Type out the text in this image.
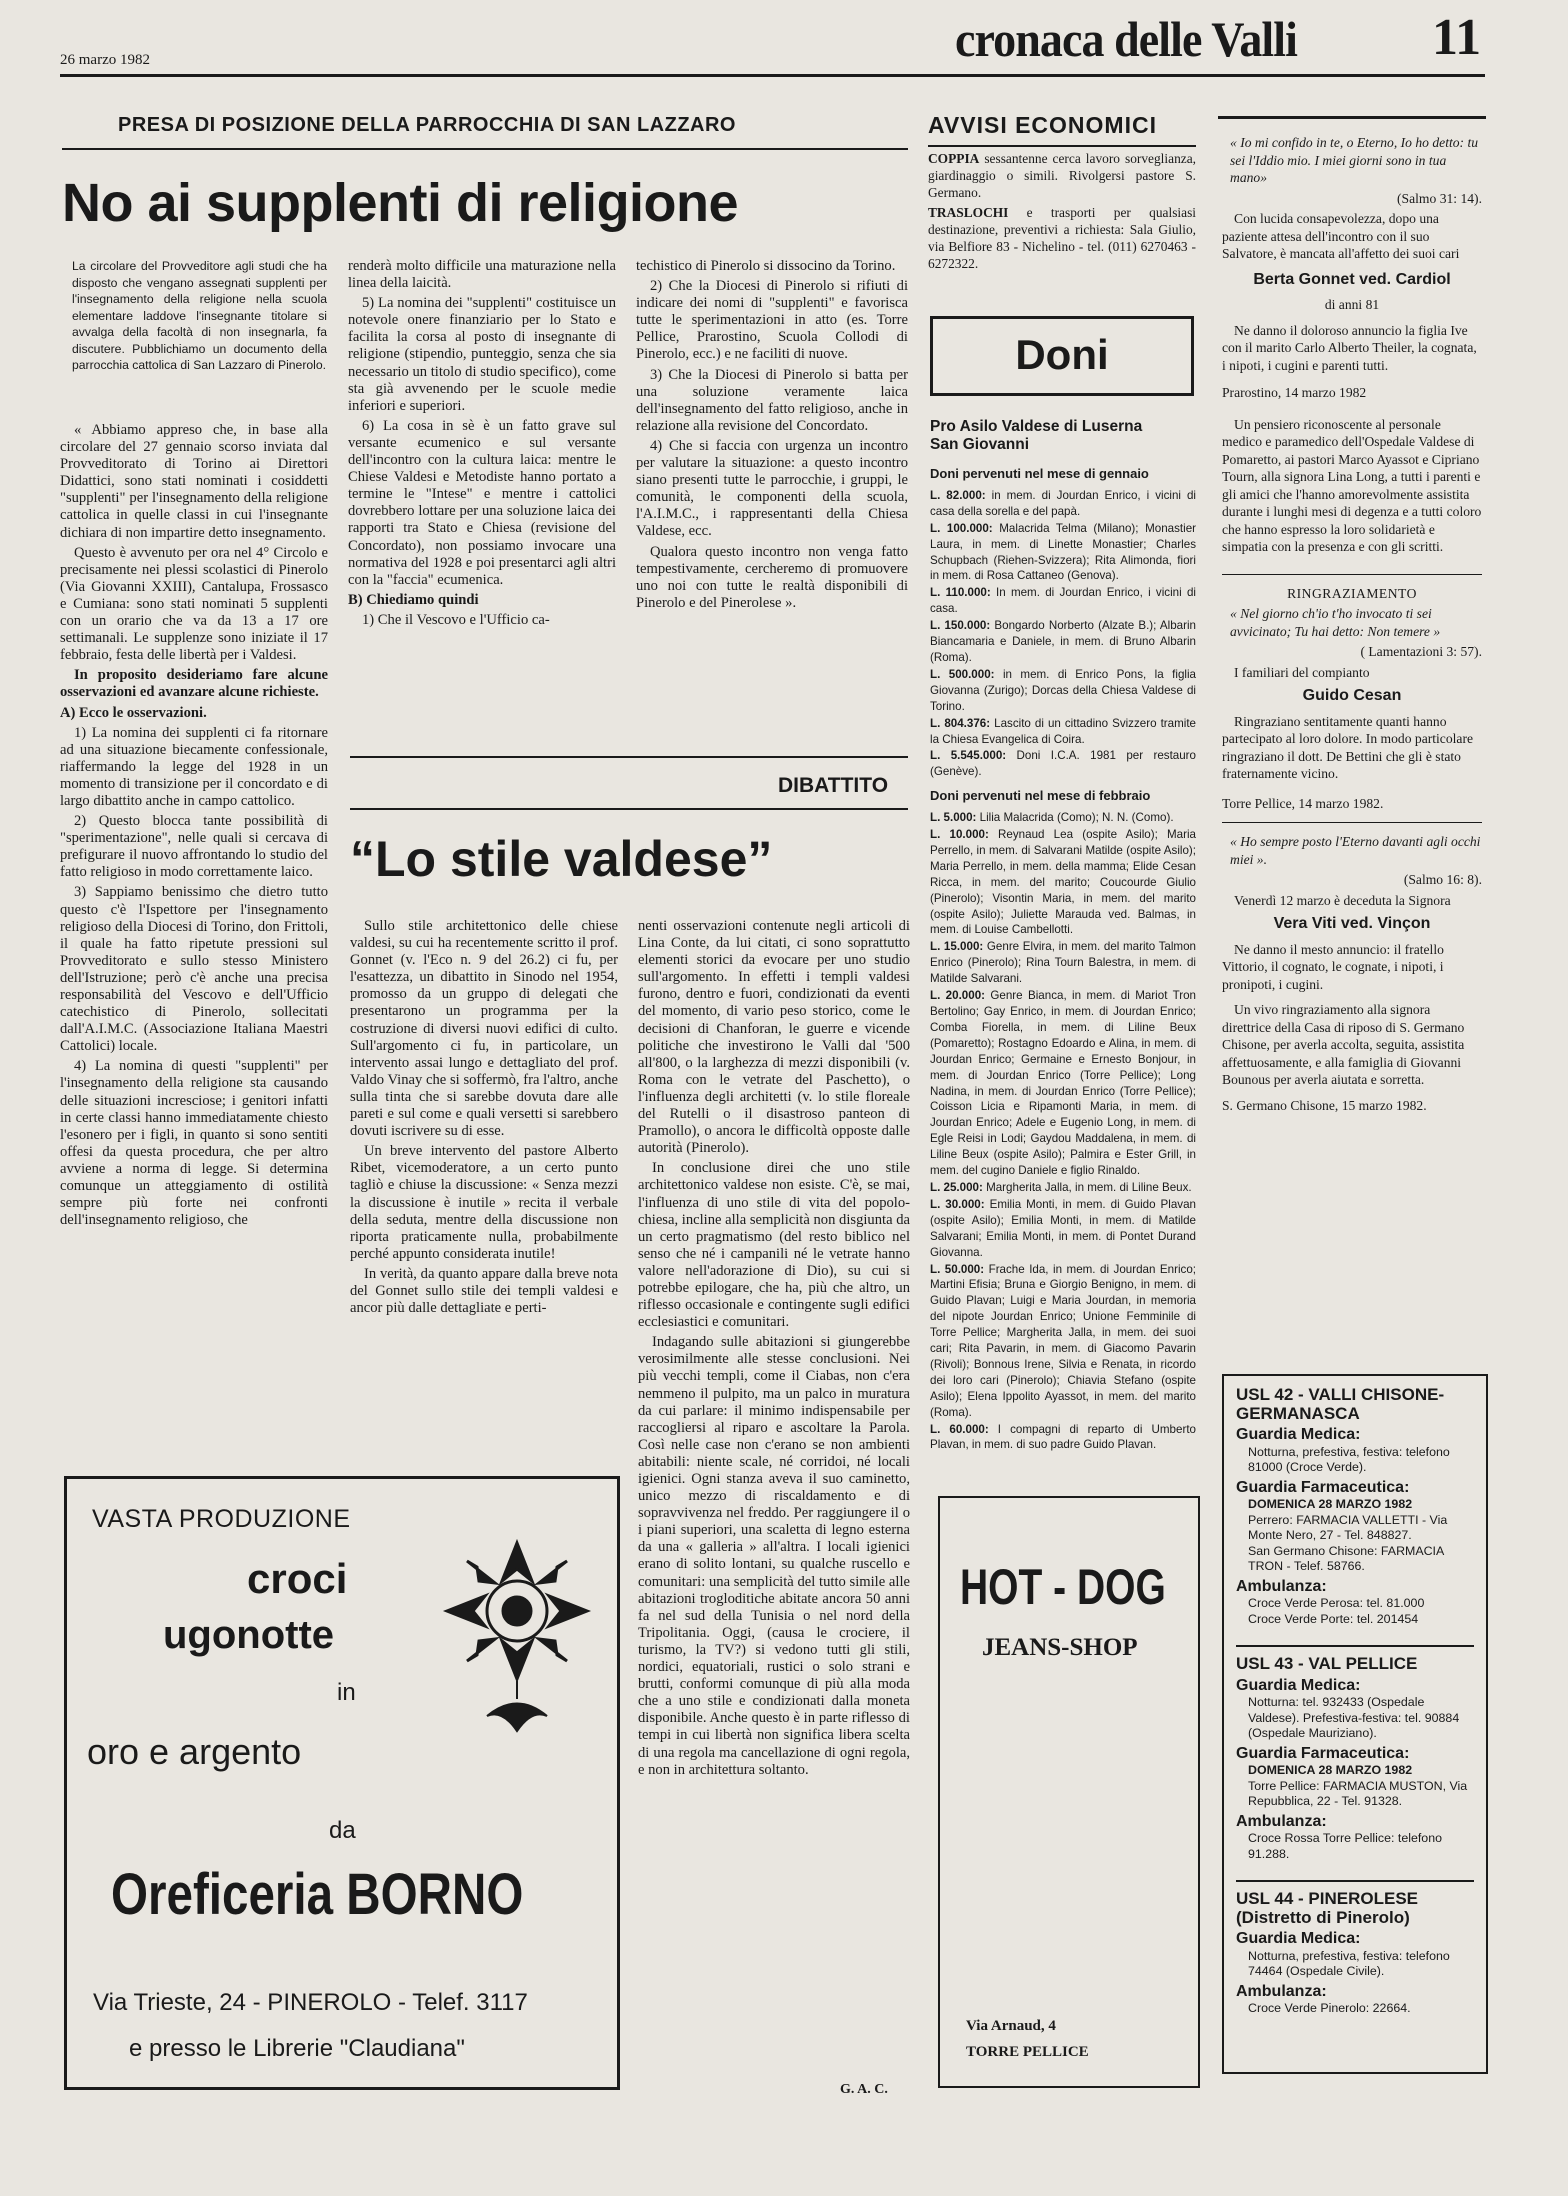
26 marzo 1982	cronaca delle Valli	11
PRESA DI POSIZIONE DELLA PARROCCHIA DI SAN LAZZARO
No ai supplenti di religione
La circolare del Provveditore agli studi che ha disposto che vengano assegnati supplenti per l'insegnamento della religione nella scuola elementare laddove l'insegnante titolare si avvalga della facoltà di non insegnarla, fa discutere. Pubblichiamo un documento della parrocchia cattolica di San Lazzaro di Pinerolo.

« Abbiamo appreso che, in base alla circolare del 27 gennaio scorso inviata dal Provveditorato di Torino ai Direttori Didattici, sono stati nominati i cosiddetti "supplenti" per l'insegnamento della religione cattolica in quelle classi in cui l'insegnante dichiara di non impartire detto insegnamento.

Questo è avvenuto per ora nel 4° Circolo e precisamente nei plessi scolastici di Pinerolo (Via Giovanni XXIII), Cantalupa, Frossasco e Cumiana: sono stati nominati 5 supplenti con un orario che va da 13 a 17 ore settimanali. Le supplenze sono iniziate il 17 febbraio, festa delle libertà per i Valdesi.

In proposito desideriamo fare alcune osservazioni ed avanzare alcune richieste.

A) Ecco le osservazioni.

1) La nomina dei supplenti ci fa ritornare ad una situazione biecamente confessionale, riaffermando la legge del 1928 in un momento di transizione per il concordato e di largo dibattito anche in campo cattolico.

2) Questo blocca tante possibilità di "sperimentazione", nelle quali si cercava di prefigurare il nuovo affrontando lo studio del fatto religioso in modo correttamente laico.

3) Sappiamo benissimo che dietro tutto questo c'è l'Ispettore per l'insegnamento religioso della Diocesi di Torino, don Frittoli, il quale ha fatto ripetute pressioni sul Provveditorato e sullo stesso Ministero dell'Istruzione; però c'è anche una precisa responsabilità del Vescovo e dell'Ufficio catechistico di Pinerolo, sollecitati dall'A.I.M.C. (Associazione Italiana Maestri Cattolici) locale.

4) La nomina di questi "supplenti" per l'insegnamento della religione sta causando delle situazioni incresciose; i genitori infatti in certe classi hanno immediatamente chiesto l'esonero per i figli, in quanto si sono sentiti offesi da questa procedura, che per altro avviene a norma di legge. Si determina comunque un atteggiamento di ostilità sempre più forte nei confronti dell'insegnamento religioso, che

renderà molto difficile una maturazione nella linea della laicità.

5) La nomina dei "supplenti" costituisce un notevole onere finanziario per lo Stato e facilita la corsa al posto di insegnante di religione (stipendio, punteggio, senza che sia necessario un titolo di studio specifico), come sta già avvenendo per le scuole medie inferiori e superiori.

6) La cosa in sè è un fatto grave sul versante ecumenico e sul versante dell'incontro con la cultura laica: mentre le Chiese Valdesi e Metodiste hanno portato a termine le "Intese" e mentre i cattolici dovrebbero lottare per una soluzione laica dei rapporti tra Stato e Chiesa (revisione del Concordato), non possiamo invocare una normativa del 1928 e poi presentarci agli altri con la "faccia" ecumenica.

B) Chiediamo quindi

1) Che il Vescovo e l'Ufficio ca-

techistico di Pinerolo si dissocino da Torino.

2) Che la Diocesi di Pinerolo si rifiuti di indicare dei nomi di "supplenti" e favorisca tutte le sperimentazioni in atto (es. Torre Pellice, Prarostino, Scuola Collodi di Pinerolo, ecc.) e ne faciliti di nuove.

3) Che la Diocesi di Pinerolo si batta per una soluzione veramente laica dell'insegnamento del fatto religioso, anche in relazione alla revisione del Concordato.

4) Che si faccia con urgenza un incontro per valutare la situazione: a questo incontro siano presenti tutte le parrocchie, i gruppi, le comunità, le componenti della scuola, l'A.I.M.C., i rappresentanti della Chiesa Valdese, ecc.

Qualora questo incontro non venga fatto tempestivamente, cercheremo di promuovere uno noi con tutte le realtà disponibili di Pinerolo e del Pinerolese ».

DIBATTITO
“Lo stile valdese”

Sullo stile architettonico delle chiese valdesi, su cui ha recentemente scritto il prof. Gonnet (v. l'Eco n. 9 del 26.2) ci fu, per l'esattezza, un dibattito in Sinodo nel 1954, promosso da un gruppo di delegati che presentarono un programma per la costruzione di diversi nuovi edifici di culto. Sull'argomento ci fu, in particolare, un intervento assai lungo e dettagliato del prof. Valdo Vinay che si soffermò, fra l'altro, anche sulla tinta che si sarebbe dovuta dare alle pareti e sul come e quali versetti si sarebbero dovuti iscrivere su di esse.

Un breve intervento del pastore Alberto Ribet, vicemoderatore, a un certo punto tagliò e chiuse la discussione: « Senza mezzi la discussione è inutile » recita il verbale della seduta, mentre della discussione non riporta praticamente nulla, probabilmente perché appunto considerata inutile!

In verità, da quanto appare dalla breve nota del Gonnet sullo stile dei templi valdesi e ancor più dalle dettagliate e perti-

nenti osservazioni contenute negli articoli di Lina Conte, da lui citati, ci sono soprattutto elementi storici da evocare per uno studio sull'argomento. In effetti i templi valdesi furono, dentro e fuori, condizionati da eventi del momento, di vario peso storico, come le decisioni di Chanforan, le guerre e vicende politiche che investirono le Valli dal '500 all'800, o la larghezza di mezzi disponibili (v. Roma con le vetrate del Paschetto), o l'influenza degli architetti (v. lo stile floreale del Rutelli o il disastroso panteon di Pramollo), o ancora le difficoltà opposte dalle autorità (Pinerolo).

In conclusione direi che uno stile architettonico valdese non esiste. C'è, se mai, l'influenza di uno stile di vita del popolo-chiesa, incline alla semplicità non disgiunta da un certo pragmatismo (del resto biblico nel senso che né i campanili né le vetrate hanno valore nell'adorazione di Dio), su cui si potrebbe epilogare, che ha, più che altro, un riflesso occasionale e contingente sugli edifici ecclesiastici e comunitari.

Indagando sulle abitazioni si giungerebbe verosimilmente alle stesse conclusioni. Nei più vecchi templi, come il Ciabas, non c'era nemmeno il pulpito, ma un palco in muratura da cui parlare: il minimo indispensabile per raccogliersi al riparo e ascoltare la Parola. Così nelle case non c'erano se non ambienti abitabili: niente scale, né corridoi, né locali igienici. Ogni stanza aveva il suo caminetto, unico mezzo di riscaldamento e di sopravvivenza nel freddo. Per raggiungere il o i piani superiori, una scaletta di legno esterna da una « galleria » all'altra. I locali igienici erano di solito lontani, su qualche ruscello e comunitari: una semplicità del tutto simile alle abitazioni trogloditiche abitate ancora 50 anni fa nel sud della Tunisia o nel nord della Tripolitania. Oggi, (causa le crociere, il turismo, la TV?) si vedono tutti gli stili, nordici, equatoriali, rustici o solo strani e brutti, conformi comunque di più alla moda che a uno stile e condizionati dalla moneta disponibile. Anche questo è in parte riflesso di tempi in cui libertà non significa libera scelta di una regola ma cancellazione di ogni regola, e non in architettura soltanto.

G. A. C.
VASTA PRODUZIONE
croci
ugonotte
in
oro e argento
da
Oreficeria BORNO
Via Trieste, 24 - PINEROLO - Telef. 3117
e presso le Librerie "Claudiana"
AVVISI ECONOMICI

COPPIA sessantenne cerca lavoro sorveglianza, giardinaggio o simili. Rivolgersi pastore S. Germano.

TRASLOCHI e trasporti per qualsiasi destinazione, preventivi a richiesta: Sala Giulio, via Belfiore 83 - Nichelino - tel. (011) 6270463 - 6272322.

Doni
Pro Asilo Valdese di Luserna San Giovanni
Doni pervenuti nel mese di gennaio

L. 82.000: in mem. di Jourdan Enrico, i vicini di casa della sorella e del papà.

L. 100.000: Malacrida Telma (Milano); Monastier Laura, in mem. di Linette Monastier; Charles Schupbach (Riehen-Svizzera); Rita Alimonda, fiori in mem. di Rosa Cattaneo (Genova).

L. 110.000: In mem. di Jourdan Enrico, i vicini di casa.

L. 150.000: Bongardo Norberto (Alzate B.); Albarin Biancamaria e Daniele, in mem. di Bruno Albarin (Roma).

L. 500.000: in mem. di Enrico Pons, la figlia Giovanna (Zurigo); Dorcas della Chiesa Valdese di Torino.

L. 804.376: Lascito di un cittadino Svizzero tramite la Chiesa Evangelica di Coira.

L. 5.545.000: Doni I.C.A. 1981 per restauro (Genève).

Doni pervenuti nel mese di febbraio

L. 5.000: Lilia Malacrida (Como); N. N. (Como).

L. 10.000: Reynaud Lea (ospite Asilo); Maria Perrello, in mem. di Salvarani Matilde (ospite Asilo); Maria Perrello, in mem. della mamma; Elide Cesan Ricca, in mem. del marito; Coucourde Giulio (Pinerolo); Visontin Maria, in mem. del marito (ospite Asilo); Juliette Marauda ved. Balmas, in mem. di Louise Cambellotti.

L. 15.000: Genre Elvira, in mem. del marito Talmon Enrico (Pinerolo); Rina Tourn Balestra, in mem. di Matilde Salvarani.

L. 20.000: Genre Bianca, in mem. di Mariot Tron Bertolino; Gay Enrico, in mem. di Jourdan Enrico; Comba Fiorella, in mem. di Liline Beux (Pomaretto); Rostagno Edoardo e Alina, in mem. di Jourdan Enrico; Germaine e Ernesto Bonjour, in mem. di Jourdan Enrico (Torre Pellice); Long Nadina, in mem. di Jourdan Enrico (Torre Pellice); Coisson Licia e Ripamonti Maria, in mem. di Jourdan Enrico; Adele e Eugenio Long, in mem. di Egle Reisi in Lodi; Gaydou Maddalena, in mem. di Liline Beux (ospite Asilo); Palmira e Ester Grill, in mem. del cugino Daniele e figlio Rinaldo.

L. 25.000: Margherita Jalla, in mem. di Liline Beux.

L. 30.000: Emilia Monti, in mem. di Guido Plavan (ospite Asilo); Emilia Monti, in mem. di Matilde Salvarani; Emilia Monti, in mem. di Pontet Durand Giovanna.

L. 50.000: Frache Ida, in mem. di Jourdan Enrico; Martini Efisia; Bruna e Giorgio Benigno, in mem. di Guido Plavan; Luigi e Maria Jourdan, in memoria del nipote Jourdan Enrico; Unione Femminile di Torre Pellice; Margherita Jalla, in mem. dei suoi cari; Rita Pavarin, in mem. di Giacomo Pavarin (Rivoli); Bonnous Irene, Silvia e Renata, in ricordo dei loro cari (Pinerolo); Chiavia Stefano (ospite Asilo); Elena Ippolito Ayassot, in mem. del marito (Roma).

L. 60.000: I compagni di reparto di Umberto Plavan, in mem. di suo padre Guido Plavan.

HOT - DOG
JEANS-SHOP
Via Arnaud, 4
TORRE PELLICE

« Io mi confido in te, o Eterno, Io ho detto: tu sei l'Iddio mio. I miei giorni sono in tua mano»

(Salmo 31: 14).

Con lucida consapevolezza, dopo una paziente attesa dell'incontro con il suo Salvatore, è mancata all'affetto dei suoi cari

Berta Gonnet ved. Cardiol

di anni 81

Ne danno il doloroso annuncio la figlia Ive con il marito Carlo Alberto Theiler, la cognata, i nipoti, i cugini e parenti tutti.

Prarostino, 14 marzo 1982

Un pensiero riconoscente al personale medico e paramedico dell'Ospedale Valdese di Pomaretto, ai pastori Marco Ayassot e Cipriano Tourn, alla signora Lina Long, a tutti i parenti e gli amici che l'hanno amorevolmente assistita durante i lunghi mesi di degenza e a tutti coloro che hanno espresso la loro solidarietà e simpatia con la presenza e con gli scritti.

RINGRAZIAMENTO

« Nel giorno ch'io t'ho invocato ti sei avvicinato; Tu hai detto: Non temere »

( Lamentazioni 3: 57).

I familiari del compianto

Guido Cesan

Ringraziano sentitamente quanti hanno partecipato al loro dolore. In modo particolare ringraziano il dott. De Bettini che gli è stato fraternamente vicino.

Torre Pellice, 14 marzo 1982.

« Ho sempre posto l'Eterno davanti agli occhi miei ».

(Salmo 16: 8).

Venerdì 12 marzo è deceduta la Signora

Vera Viti ved. Vinçon

Ne danno il mesto annuncio: il fratello Vittorio, il cognato, le cognate, i nipoti, i pronipoti, i cugini.

Un vivo ringraziamento alla signora direttrice della Casa di riposo di S. Germano Chisone, per averla accolta, seguita, assistita affettuosamente, e alla famiglia di Giovanni Bounous per averla aiutata e sorretta.

S. Germano Chisone, 15 marzo 1982.

USL 42 - VALLI CHISONE-GERMANASCA
Guardia Medica:
Notturna, prefestiva, festiva: telefono 81000 (Croce Verde).
Guardia Farmaceutica:
DOMENICA 28 MARZO 1982
Perrero: FARMACIA VALLETTI - Via Monte Nero, 27 - Tel. 848827.
San Germano Chisone: FARMACIA TRON - Telef. 58766.
Ambulanza:
Croce Verde Perosa: tel. 81.000
Croce Verde Porte: tel. 201454
USL 43 - VAL PELLICE
Guardia Medica:
Notturna: tel. 932433 (Ospedale Valdese). Prefestiva-festiva: tel. 90884 (Ospedale Mauriziano).
Guardia Farmaceutica:
DOMENICA 28 MARZO 1982
Torre Pellice: FARMACIA MUSTON, Via Repubblica, 22 - Tel. 91328.
Ambulanza:
Croce Rossa Torre Pellice: telefono 91.288.
USL 44 - PINEROLESE (Distretto di Pinerolo)
Guardia Medica:
Notturna, prefestiva, festiva: telefono 74464 (Ospedale Civile).
Ambulanza:
Croce Verde Pinerolo: 22664.
